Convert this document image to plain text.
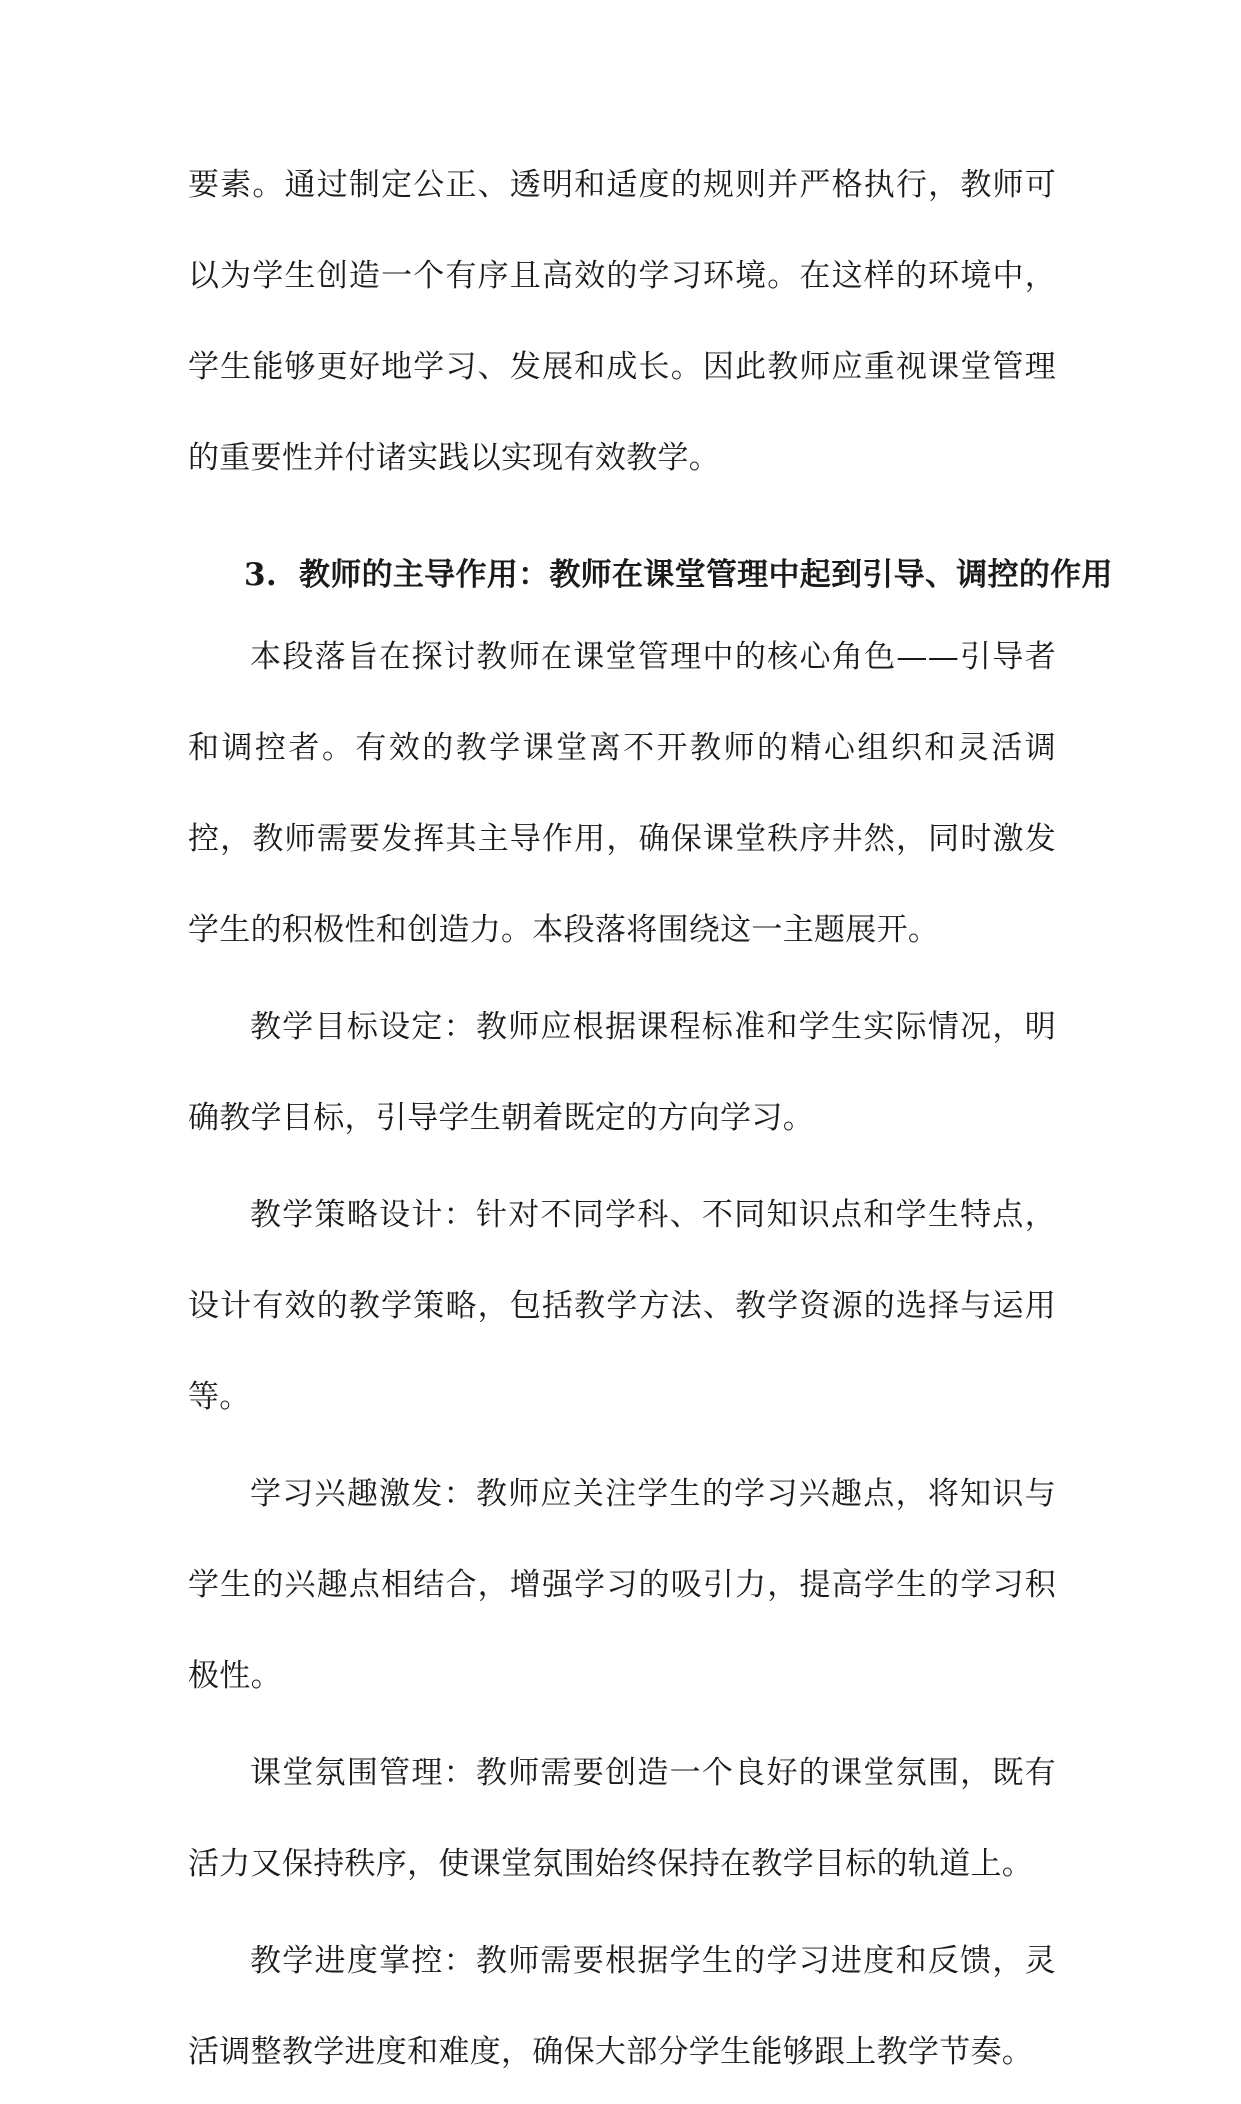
要素。通过制定公正、透明和适度的规则并严格执行，教师可以为学生创造一个有序且高效的学习环境。在这样的环境中，学生能够更好地学习、发展和成长。因此教师应重视课堂管理的重要性并付诸实践以实现有效教学。

3. 教师的主导作用：教师在课堂管理中起到引导、调控的作用

本段落旨在探讨教师在课堂管理中的核心角色——引导者和调控者。有效的教学课堂离不开教师的精心组织和灵活调控，教师需要发挥其主导作用，确保课堂秩序井然，同时激发学生的积极性和创造力。本段落将围绕这一主题展开。

教学目标设定：教师应根据课程标准和学生实际情况，明确教学目标，引导学生朝着既定的方向学习。

教学策略设计：针对不同学科、不同知识点和学生特点，设计有效的教学策略，包括教学方法、教学资源的选择与运用等。

学习兴趣激发：教师应关注学生的学习兴趣点，将知识与学生的兴趣点相结合，增强学习的吸引力，提高学生的学习积极性。

课堂氛围管理：教师需要创造一个良好的课堂氛围，既有活力又保持秩序，使课堂氛围始终保持在教学目标的轨道上。

教学进度掌控：教师需要根据学生的学习进度和反馈，灵活调整教学进度和难度，确保大部分学生能够跟上教学节奏。
